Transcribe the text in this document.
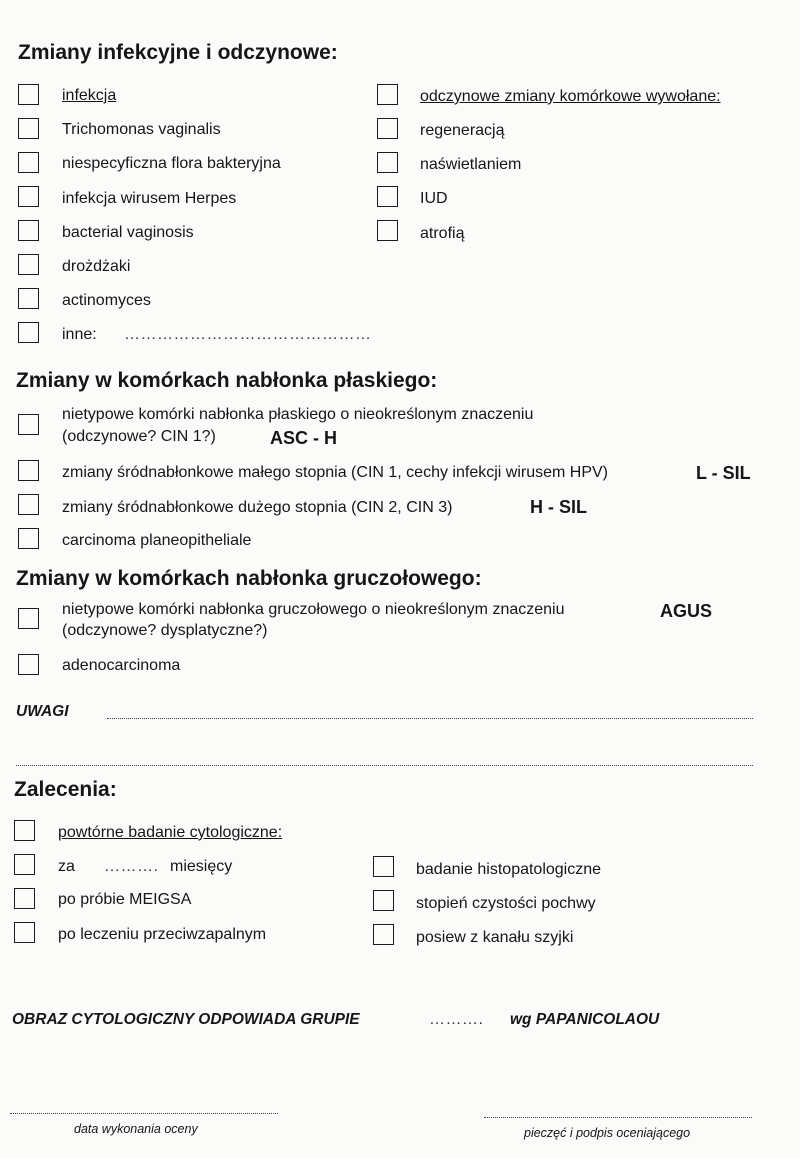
Zmiany infekcyjne i odczynowe:
infekcja
Trichomonas vaginalis
niespecyficzna flora bakteryjna
infekcja wirusem Herpes
bacterial vaginosis
drożdżaki
actinomyces
inne: ………………………………………
odczynowe zmiany komórkowe wywołane:
regeneracją
naświetlaniem
IUD
atrofią
Zmiany w komórkach nabłonka płaskiego:
nietypowe komórki nabłonka płaskiego o nieokreślonym znaczeniu
(odczynowe? CIN 1?)	ASC - H
zmiany śródnabłonkowe małego stopnia (CIN 1, cechy infekcji wirusem HPV)	L - SIL
zmiany śródnabłonkowe dużego stopnia (CIN 2, CIN 3)	H - SIL
carcinoma planeopitheliale
Zmiany w komórkach nabłonka gruczołowego:
nietypowe komórki nabłonka gruczołowego o nieokreślonym znaczeniu
(odczynowe? dysplatyczne?)
AGUS
adenocarcinoma
UWAGI
Zalecenia:
powtórne badanie cytologiczne:
za ………. miesięcy
po próbie MEIGSA
po leczeniu przeciwzapalnym
badanie histopatologiczne
stopień czystości pochwy
posiew z kanału szyjki
OBRAZ CYTOLOGICZNY ODPOWIADA GRUPIE	………. wg PAPANICOLAOU
data wykonania oceny	pieczęć i podpis oceniającego
